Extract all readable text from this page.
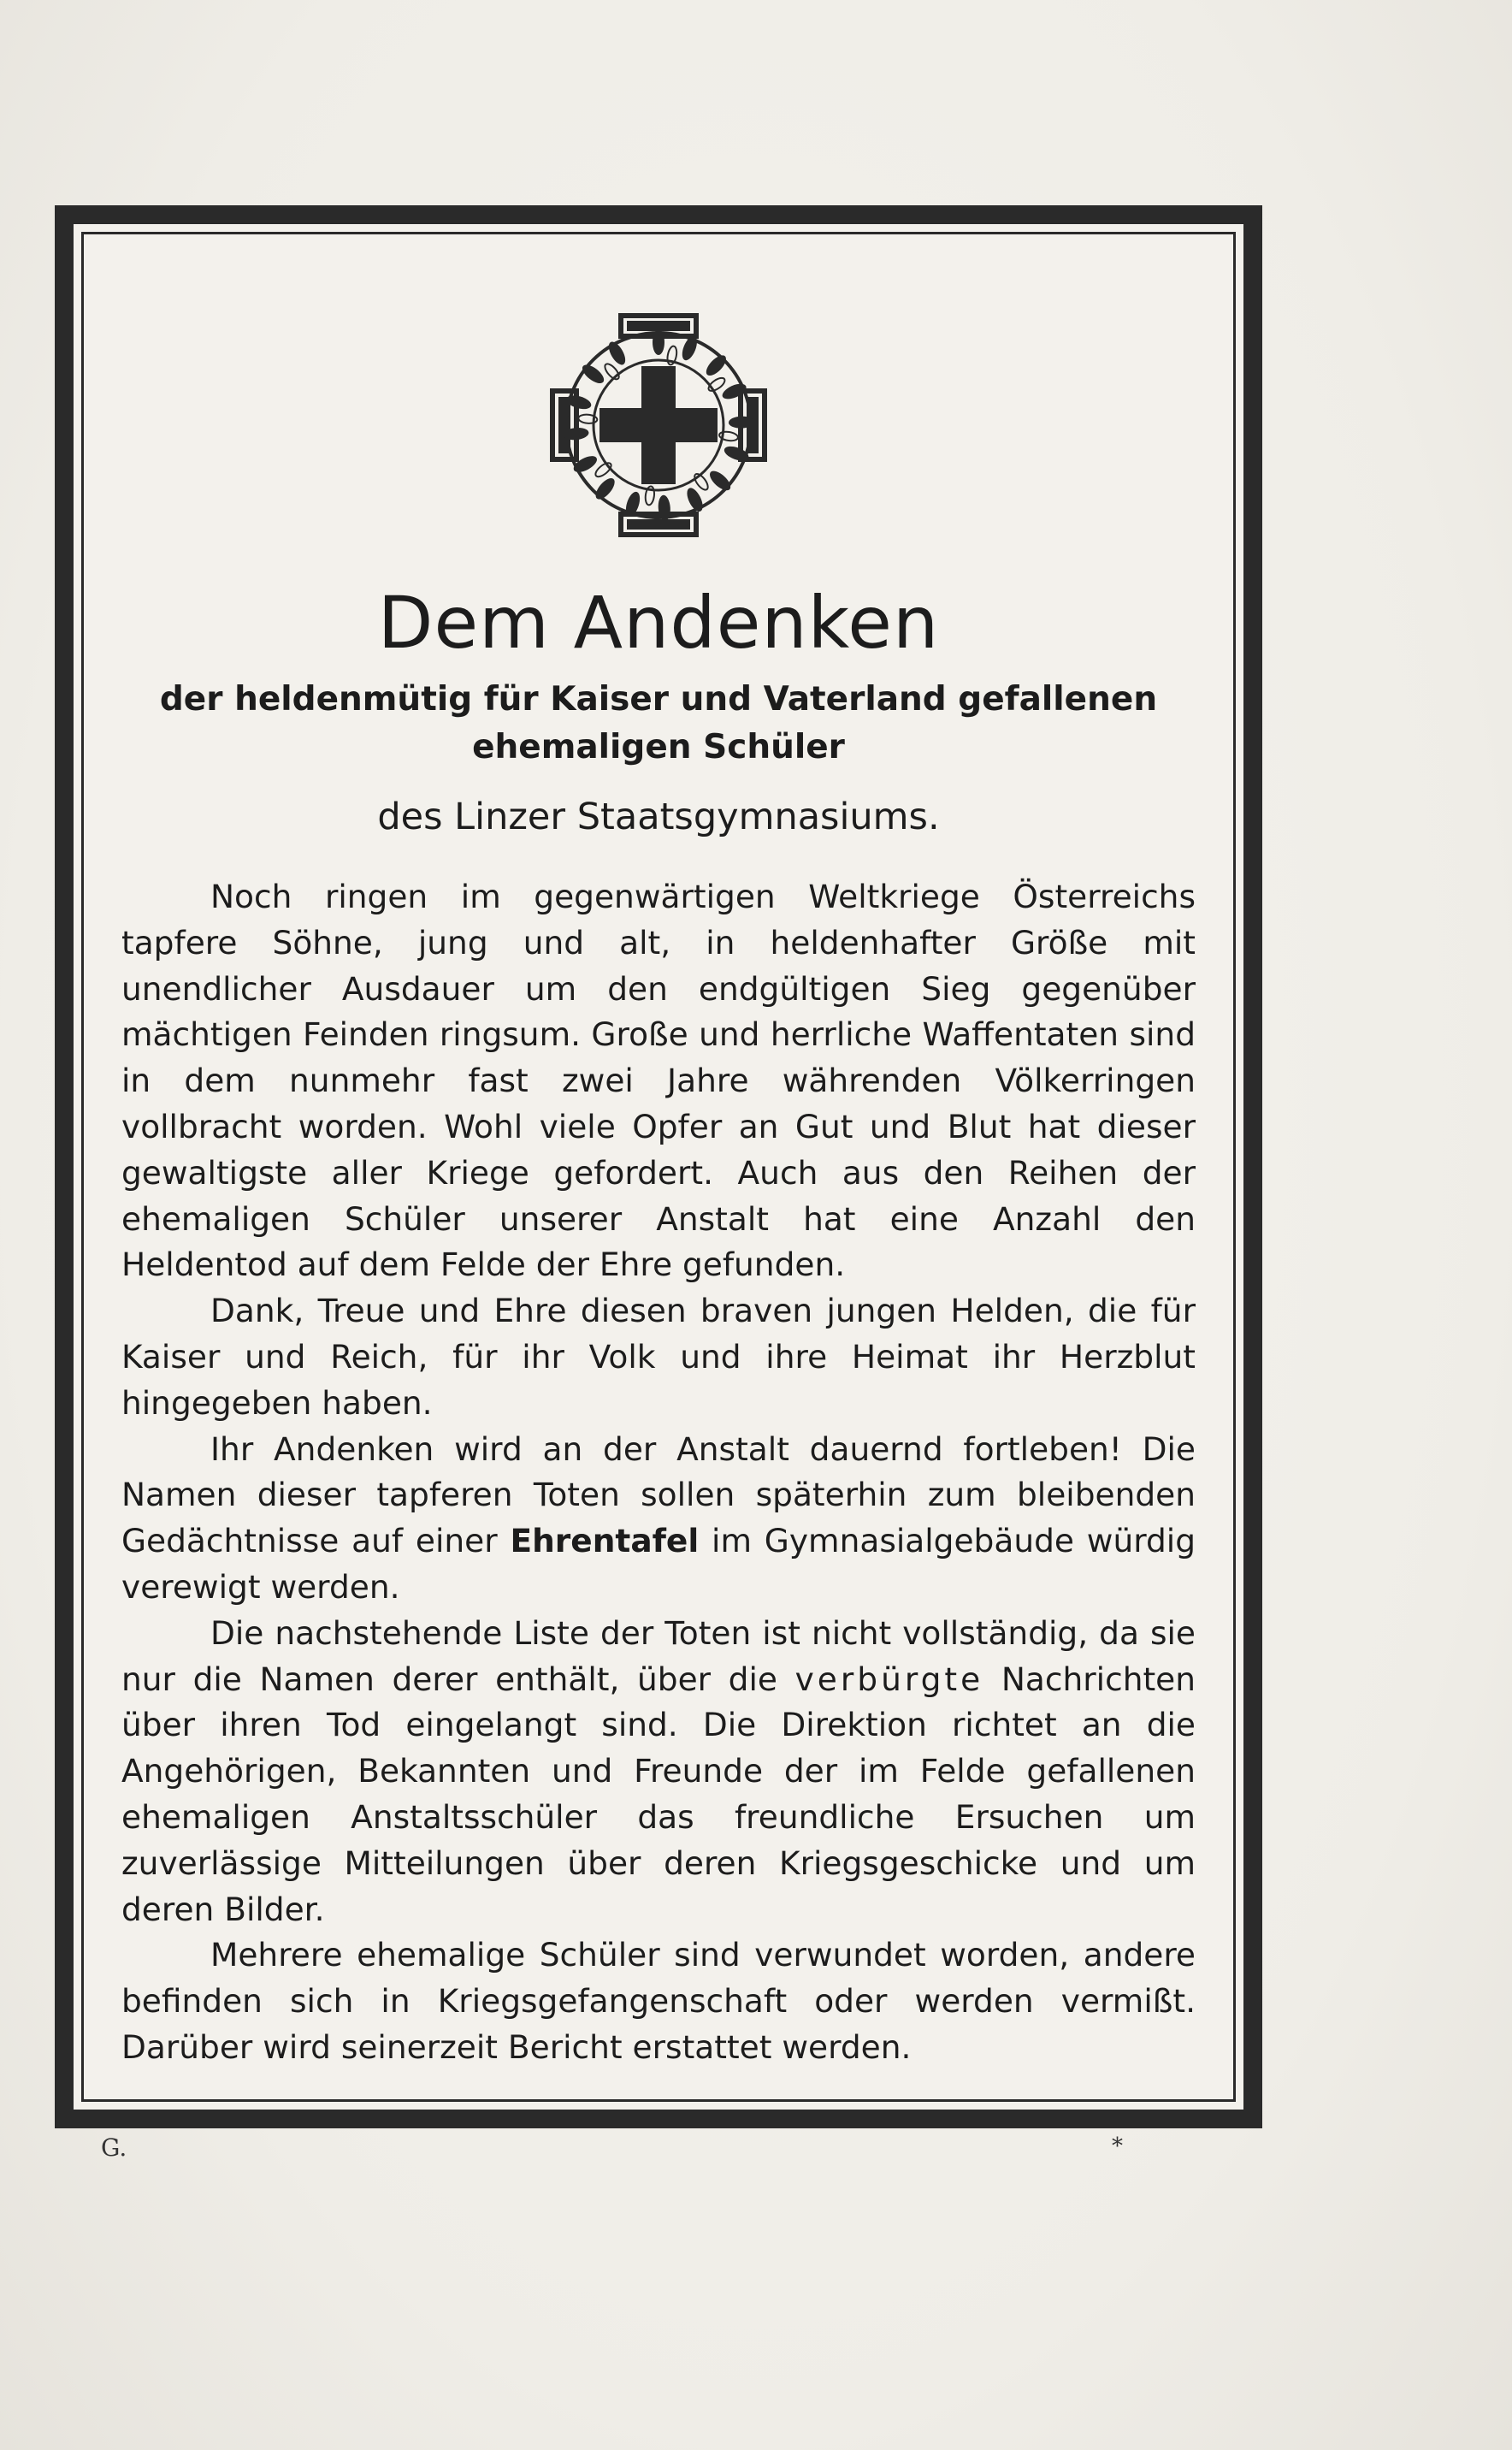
Dem Andenken
der heldenmütig für Kaiser und Vaterland gefallenen
ehemaligen Schüler
des Linzer Staatsgymnasiums.

Noch ringen im gegenwärtigen Weltkriege Österreichs tapfere Söhne, jung und alt, in heldenhafter Größe mit unendlicher Ausdauer um den endgültigen Sieg gegenüber mächtigen Feinden ringsum. Große und herrliche Waffentaten sind in dem nunmehr fast zwei Jahre währenden Völkerringen vollbracht worden. Wohl viele Opfer an Gut und Blut hat dieser gewaltigste aller Kriege gefordert. Auch aus den Reihen der ehemaligen Schüler unserer Anstalt hat eine Anzahl den Heldentod auf dem Felde der Ehre gefunden.

Dank, Treue und Ehre diesen braven jungen Helden, die für Kaiser und Reich, für ihr Volk und ihre Heimat ihr Herzblut hingegeben haben.

Ihr Andenken wird an der Anstalt dauernd fortleben! Die Namen dieser tapferen Toten sollen späterhin zum bleibenden Gedächtnisse auf einer Ehrentafel im Gymnasialgebäude würdig verewigt werden.

Die nachstehende Liste der Toten ist nicht vollständig, da sie nur die Namen derer enthält, über die verbürgte Nachrichten über ihren Tod eingelangt sind. Die Direktion richtet an die Angehörigen, Bekannten und Freunde der im Felde gefallenen ehemaligen Anstaltsschüler das freundliche Ersuchen um zuverlässige Mitteilungen über deren Kriegsgeschicke und um deren Bilder.

Mehrere ehemalige Schüler sind verwundet worden, andere befinden sich in Kriegsgefangenschaft oder werden vermißt. Darüber wird seinerzeit Bericht erstattet werden.

G.	*
